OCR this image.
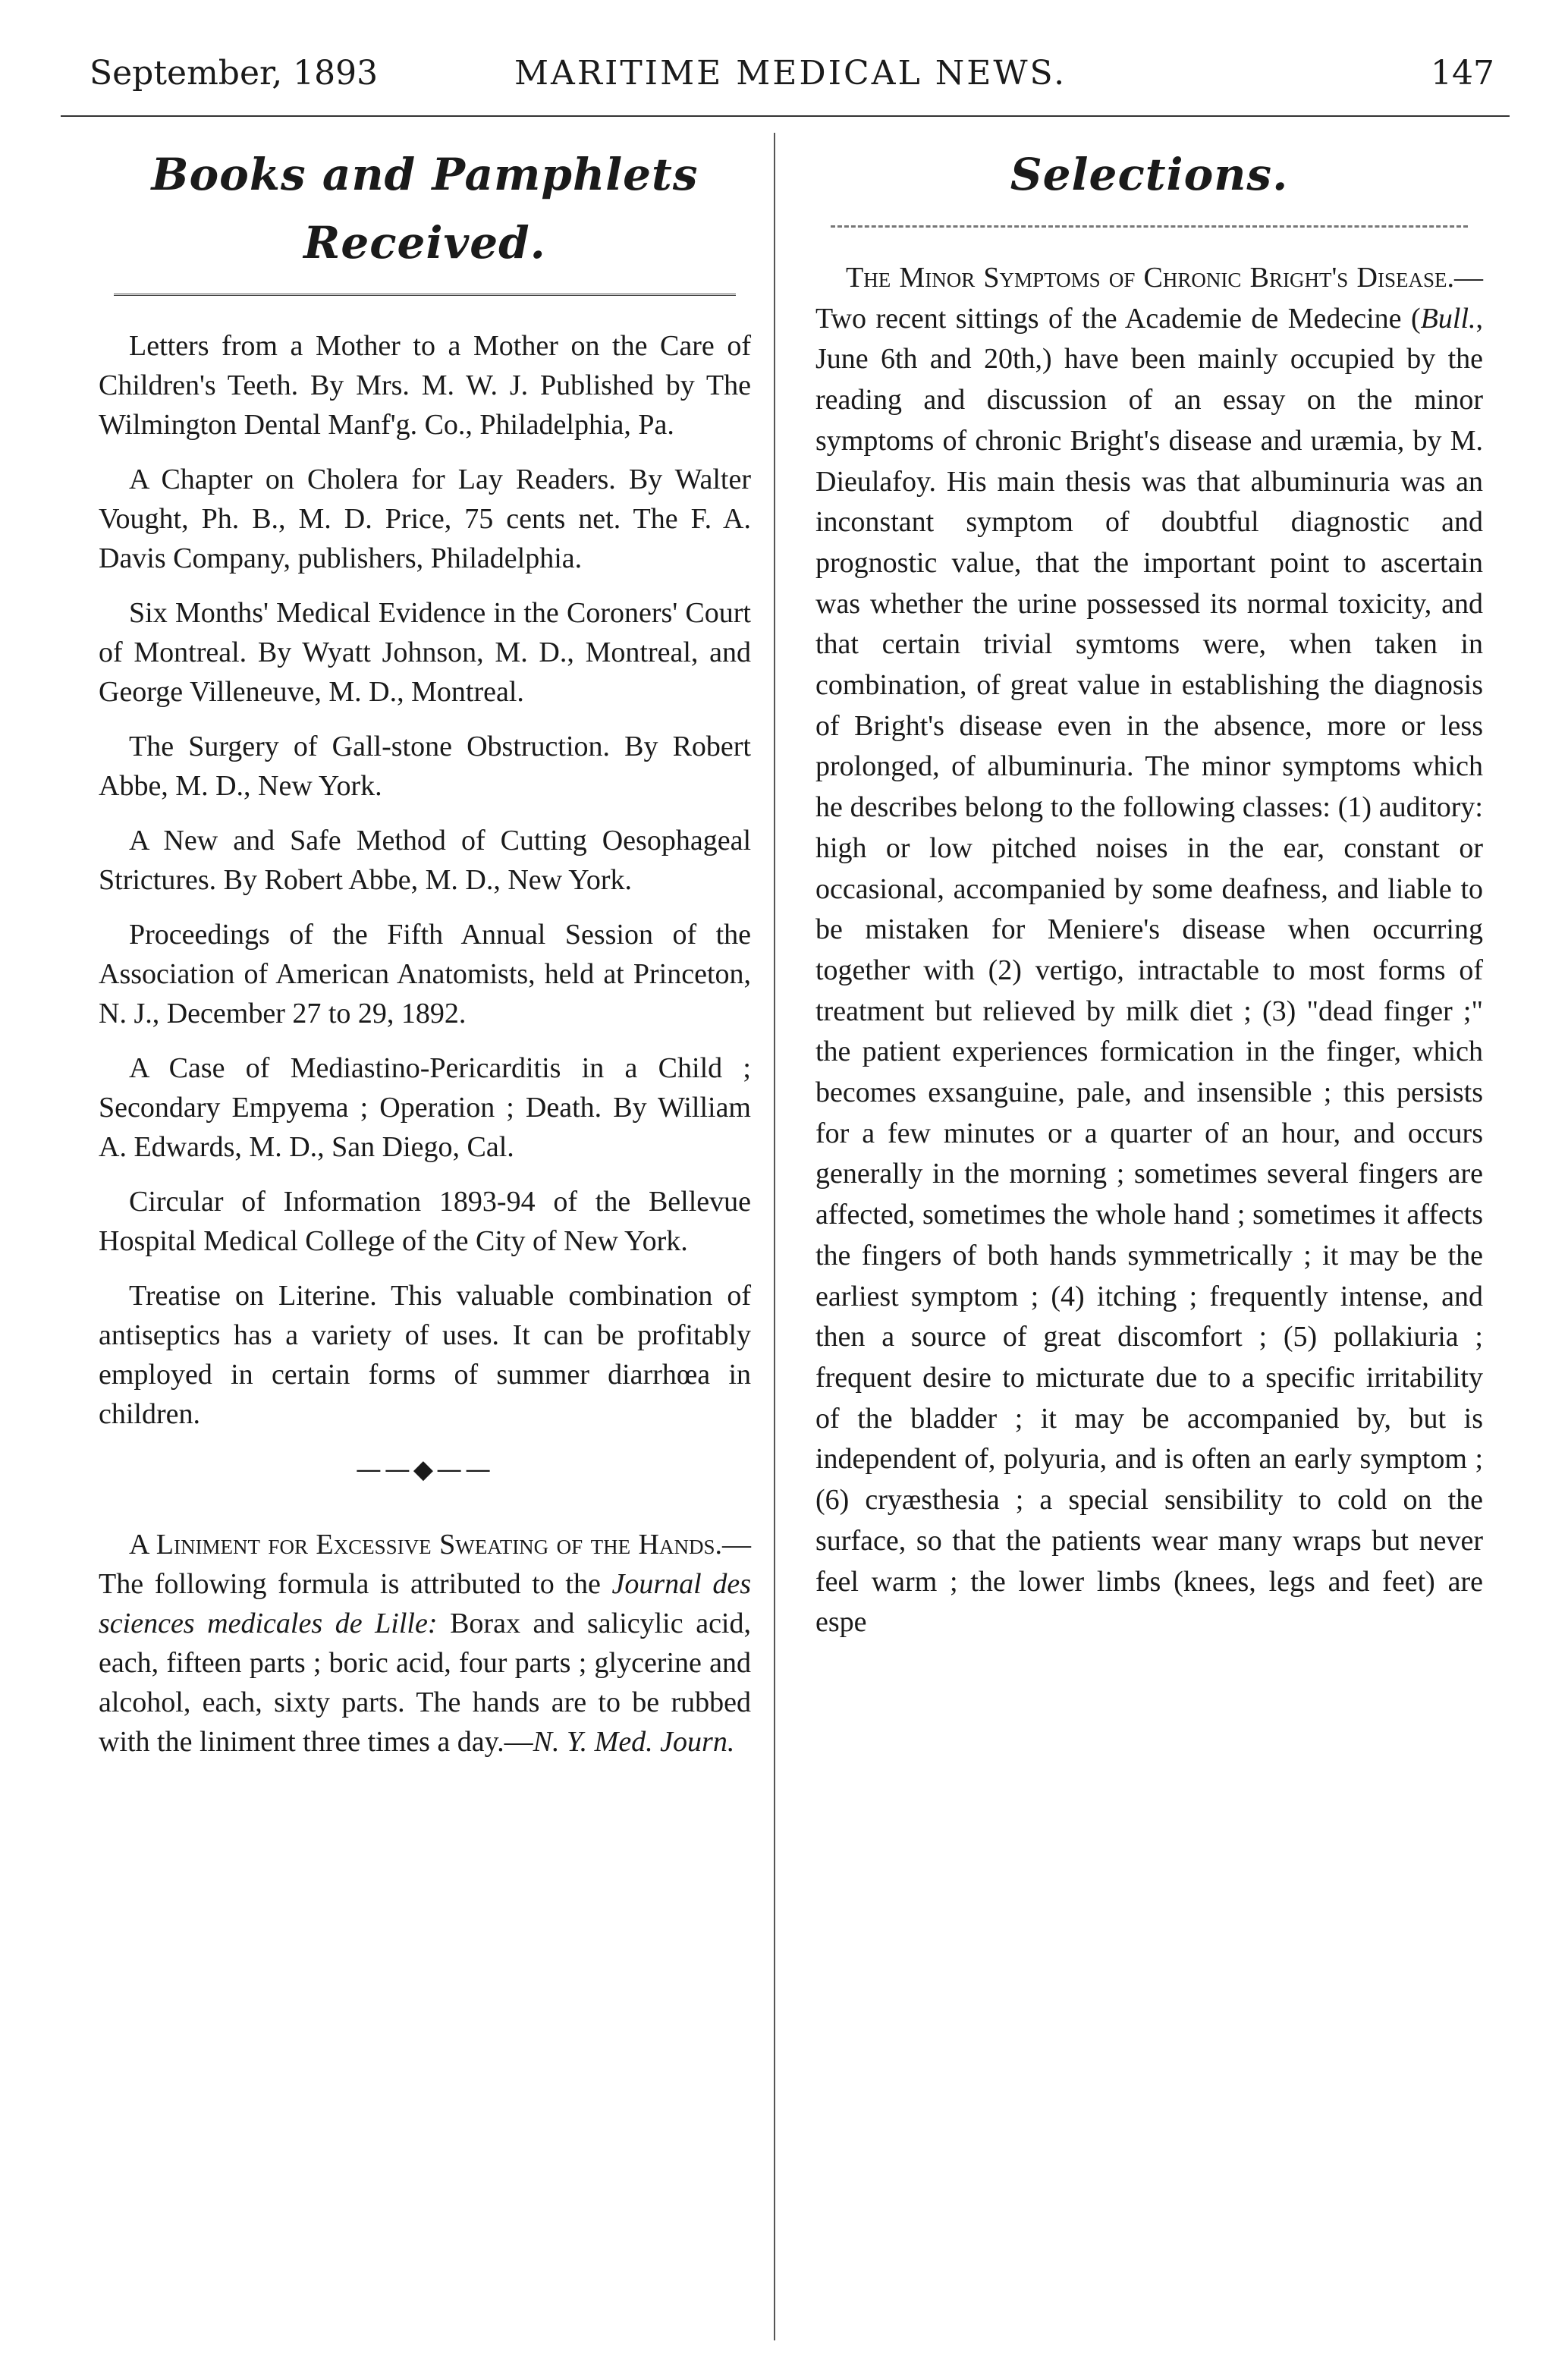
September, 1893	MARITIME MEDICAL NEWS.	147
Books and Pamphlets Received.

Letters from a Mother to a Mother on the Care of Children's Teeth. By Mrs. M. W. J. Published by The Wilmington Dental Manf'g. Co., Philadelphia, Pa.

A Chapter on Cholera for Lay Readers. By Walter Vought, Ph. B., M. D. Price, 75 cents net. The F. A. Davis Company, publishers, Philadelphia.

Six Months' Medical Evidence in the Coroners' Court of Montreal. By Wyatt Johnson, M. D., Montreal, and George Villeneuve, M. D., Montreal.

The Surgery of Gall-stone Obstruction. By Robert Abbe, M. D., New York.

A New and Safe Method of Cutting Oesophageal Strictures. By Robert Abbe, M. D., New York.

Proceedings of the Fifth Annual Session of the Association of American Anatomists, held at Princeton, N. J., December 27 to 29, 1892.

A Case of Mediastino-Pericarditis in a Child ; Secondary Empyema ; Operation ; Death. By William A. Edwards, M. D., San Diego, Cal.

Circular of Information 1893-94 of the Bellevue Hospital Medical College of the City of New York.

Treatise on Literine. This valuable combination of antiseptics has a variety of uses. It can be profitably employed in certain forms of summer diarrhœa in children.

——◆——

A Liniment for Excessive Sweating of the Hands.—The following formula is attributed to the Journal des sciences medicales de Lille: Borax and salicylic acid, each, fifteen parts ; boric acid, four parts ; glycerine and alcohol, each, sixty parts. The hands are to be rubbed with the liniment three times a day.—N. Y. Med. Journ.

Selections.

The Minor Symptoms of Chronic Bright's Disease.—Two recent sittings of the Academie de Medecine (Bull., June 6th and 20th,) have been mainly occupied by the reading and discussion of an essay on the minor symptoms of chronic Bright's disease and uræmia, by M. Dieulafoy. His main thesis was that albuminuria was an inconstant symptom of doubtful diagnostic and prognostic value, that the important point to ascertain was whether the urine possessed its normal toxicity, and that certain trivial symtoms were, when taken in combination, of great value in establishing the diagnosis of Bright's disease even in the absence, more or less prolonged, of albuminuria. The minor symptoms which he describes belong to the following classes: (1) auditory: high or low pitched noises in the ear, constant or occasional, accompanied by some deafness, and liable to be mistaken for Meniere's disease when occurring together with (2) vertigo, intractable to most forms of treatment but relieved by milk diet ; (3) "dead finger ;" the patient experiences formication in the finger, which becomes exsanguine, pale, and insensible ; this persists for a few minutes or a quarter of an hour, and occurs generally in the morning ; sometimes several fingers are affected, sometimes the whole hand ; sometimes it affects the fingers of both hands symmetrically ; it may be the earliest symptom ; (4) itching ; frequently intense, and then a source of great discomfort ; (5) pollakiuria ; frequent desire to micturate due to a specific irritability of the bladder ; it may be accompanied by, but is independent of, polyuria, and is often an early symptom ; (6) cryæsthesia ; a special sensibility to cold on the surface, so that the patients wear many wraps but never feel warm ; the lower limbs (knees, legs and feet) are espe
